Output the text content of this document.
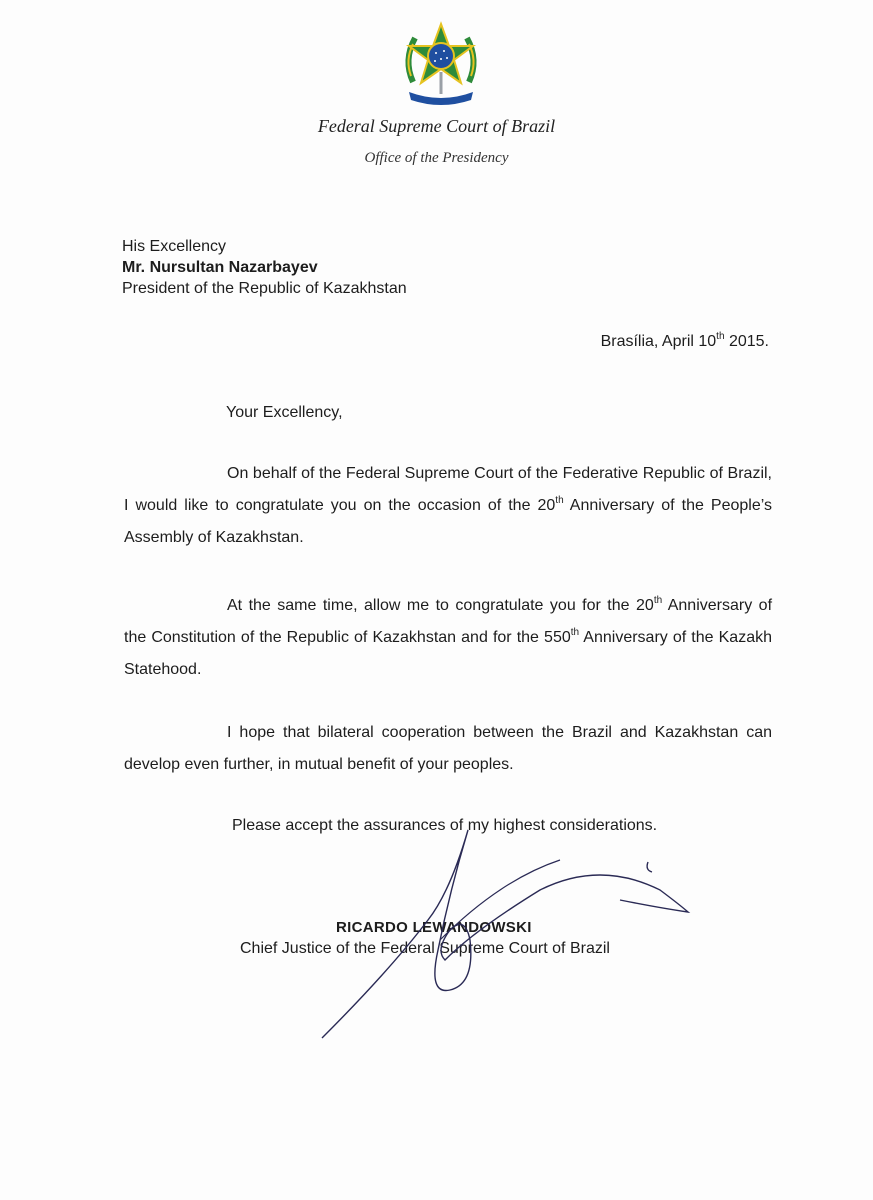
Federal Supreme Court of Brazil
Office of the Presidency
His Excellency
Mr. Nursultan Nazarbayev
President of the Republic of Kazakhstan
Brasília, April 10th 2015.
Your Excellency,
On behalf of the Federal Supreme Court of the Federative Republic of Brazil, I would like to congratulate you on the occasion of the 20th Anniversary of the People’s Assembly of Kazakhstan.
At the same time, allow me to congratulate you for the 20th Anniversary of the Constitution of the Republic of Kazakhstan and for the 550th Anniversary of the Kazakh Statehood.
I hope that bilateral cooperation between the Brazil and Kazakhstan can develop even further, in mutual benefit of your peoples.
Please accept the assurances of my highest considerations.
RICARDO LEWANDOWSKI
Chief Justice of the Federal Supreme Court of Brazil
